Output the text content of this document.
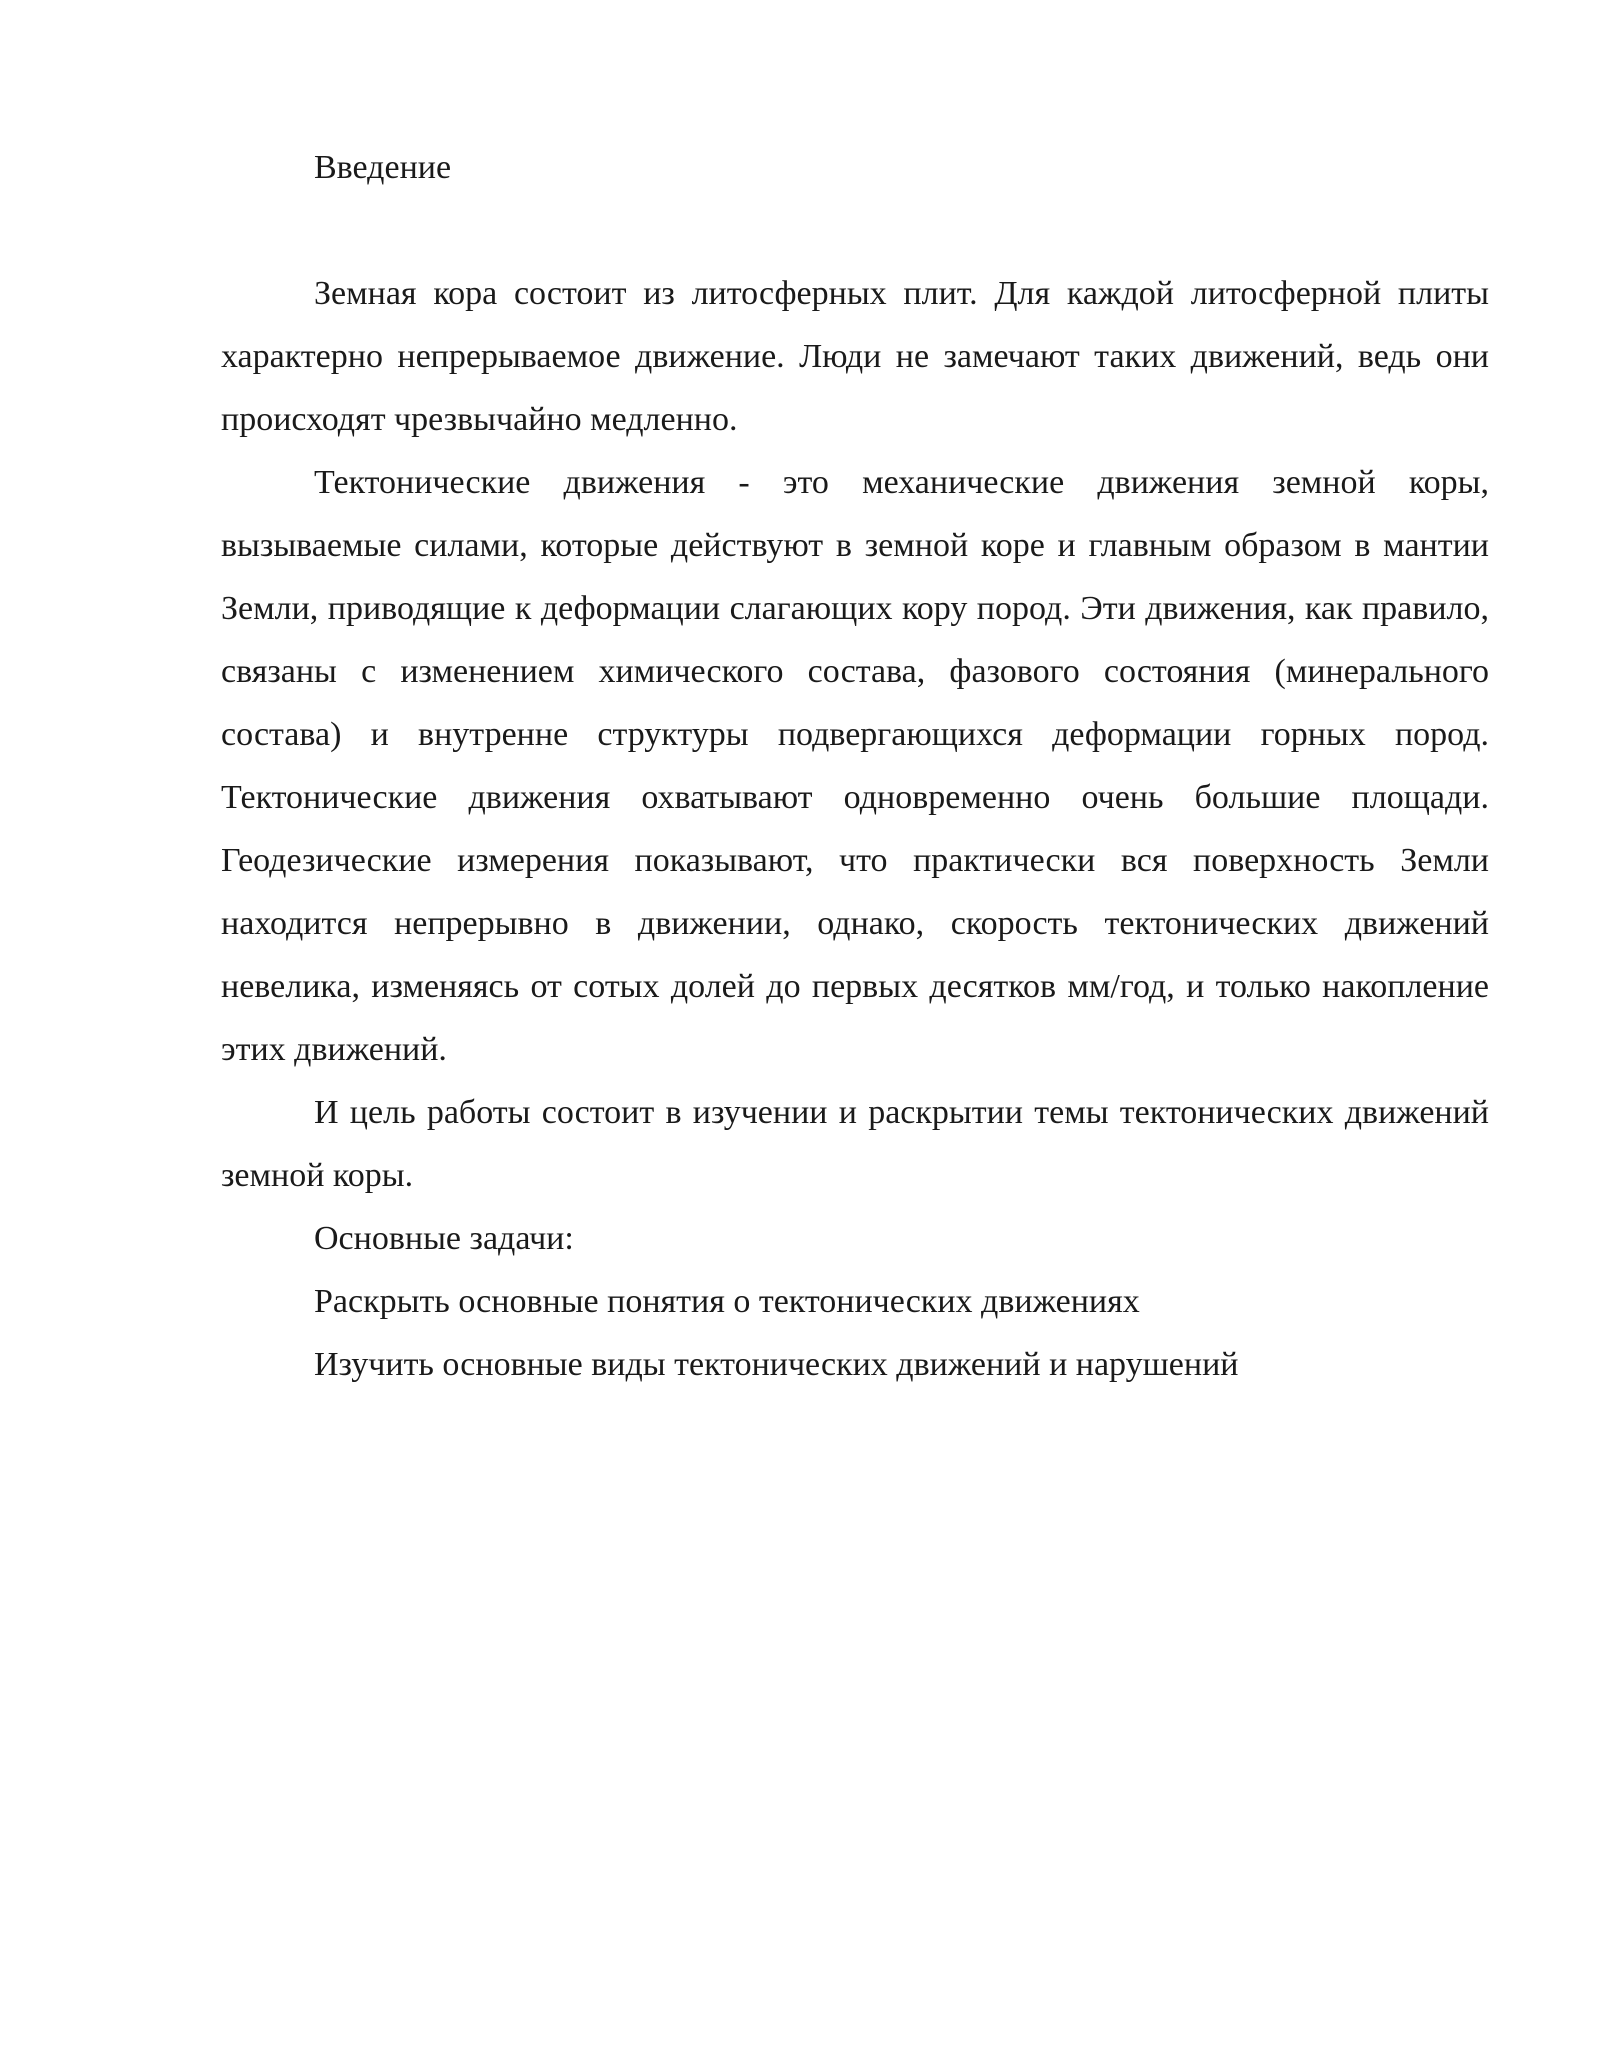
Введение

Земная кора состоит из литосферных плит. Для каждой литосферной плиты характерно непрерываемое движение. Люди не замечают таких движений, ведь они происходят чрезвычайно медленно.

Тектонические движения - это механические движения земной коры, вызываемые силами, которые действуют в земной коре и главным образом в мантии Земли, приводящие к деформации слагающих кору пород. Эти движения, как правило, связаны с изменением химического состава, фазового состояния (минерального состава) и внутренне структуры подвергающихся деформации горных пород. Тектонические движения охватывают одновременно очень большие площади. Геодезические измерения показывают, что практически вся поверхность Земли находится непрерывно в движении, однако, скорость тектонических движений невелика, изменяясь от сотых долей до первых десятков мм/год, и только накопление этих движений.

И цель работы состоит в изучении и раскрытии темы тектонических движений земной коры.

Основные задачи:

Раскрыть основные понятия о тектонических движениях

Изучить основные виды тектонических движений и нарушений
